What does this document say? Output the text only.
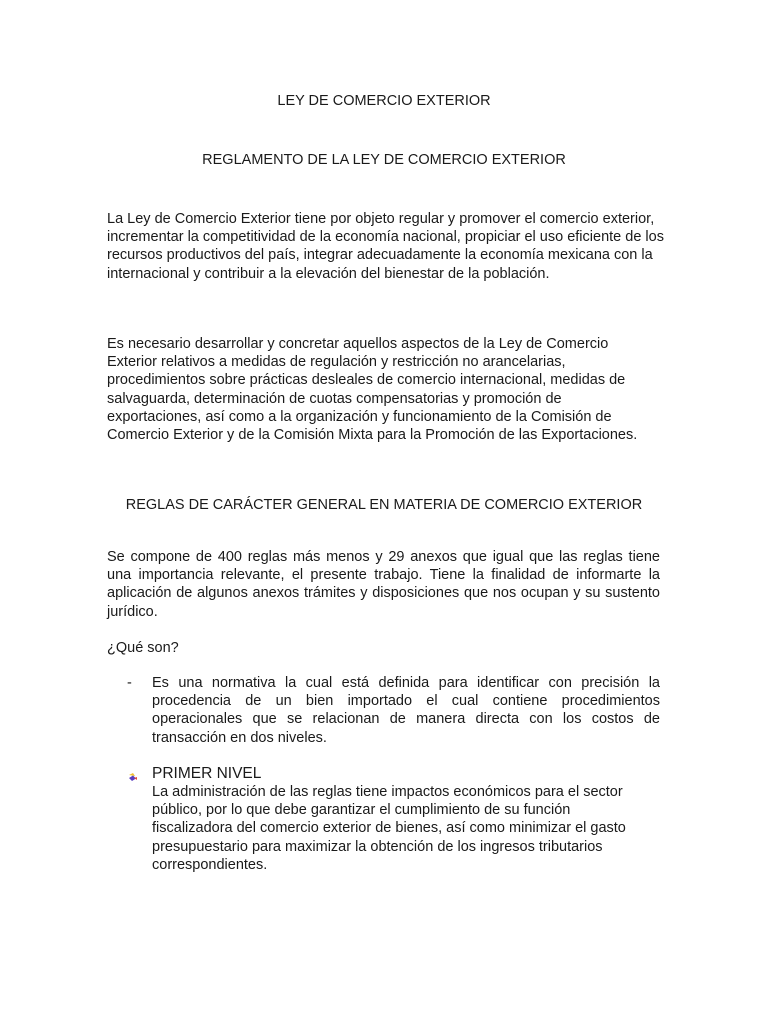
LEY DE COMERCIO EXTERIOR
REGLAMENTO DE LA LEY DE COMERCIO EXTERIOR

La Ley de Comercio Exterior tiene por objeto regular y promover el comercio exterior, incrementar la competitividad de la economía nacional, propiciar el uso eficiente de los recursos productivos del país, integrar adecuadamente la economía mexicana con la internacional y contribuir a la elevación del bienestar de la población.

Es necesario desarrollar y concretar aquellos aspectos de la Ley de Comercio Exterior relativos a medidas de regulación y restricción no arancelarias, procedimientos sobre prácticas desleales de comercio internacional, medidas de salvaguarda, determinación de cuotas compensatorias y promoción de exportaciones, así como a la organización y funcionamiento de la Comisión de Comercio Exterior y de la Comisión Mixta para la Promoción de las Exportaciones.

REGLAS DE CARÁCTER GENERAL EN MATERIA DE COMERCIO EXTERIOR

Se compone de 400 reglas más menos y 29 anexos que igual que las reglas tiene una importancia relevante, el presente trabajo. Tiene la finalidad de informarte la aplicación de algunos anexos trámites y disposiciones que nos ocupan y su sustento jurídico.

¿Qué son?

- Es una normativa la cual está definida para identificar con precisión la procedencia de un bien importado el cual contiene procedimientos operacionales que se relacionan de manera directa con los costos de transacción en dos niveles.

PRIMER NIVEL

La administración de las reglas tiene impactos económicos para el sector público, por lo que debe garantizar el cumplimiento de su función fiscalizadora del comercio exterior de bienes, así como minimizar el gasto presupuestario para maximizar la obtención de los ingresos tributarios correspondientes.
